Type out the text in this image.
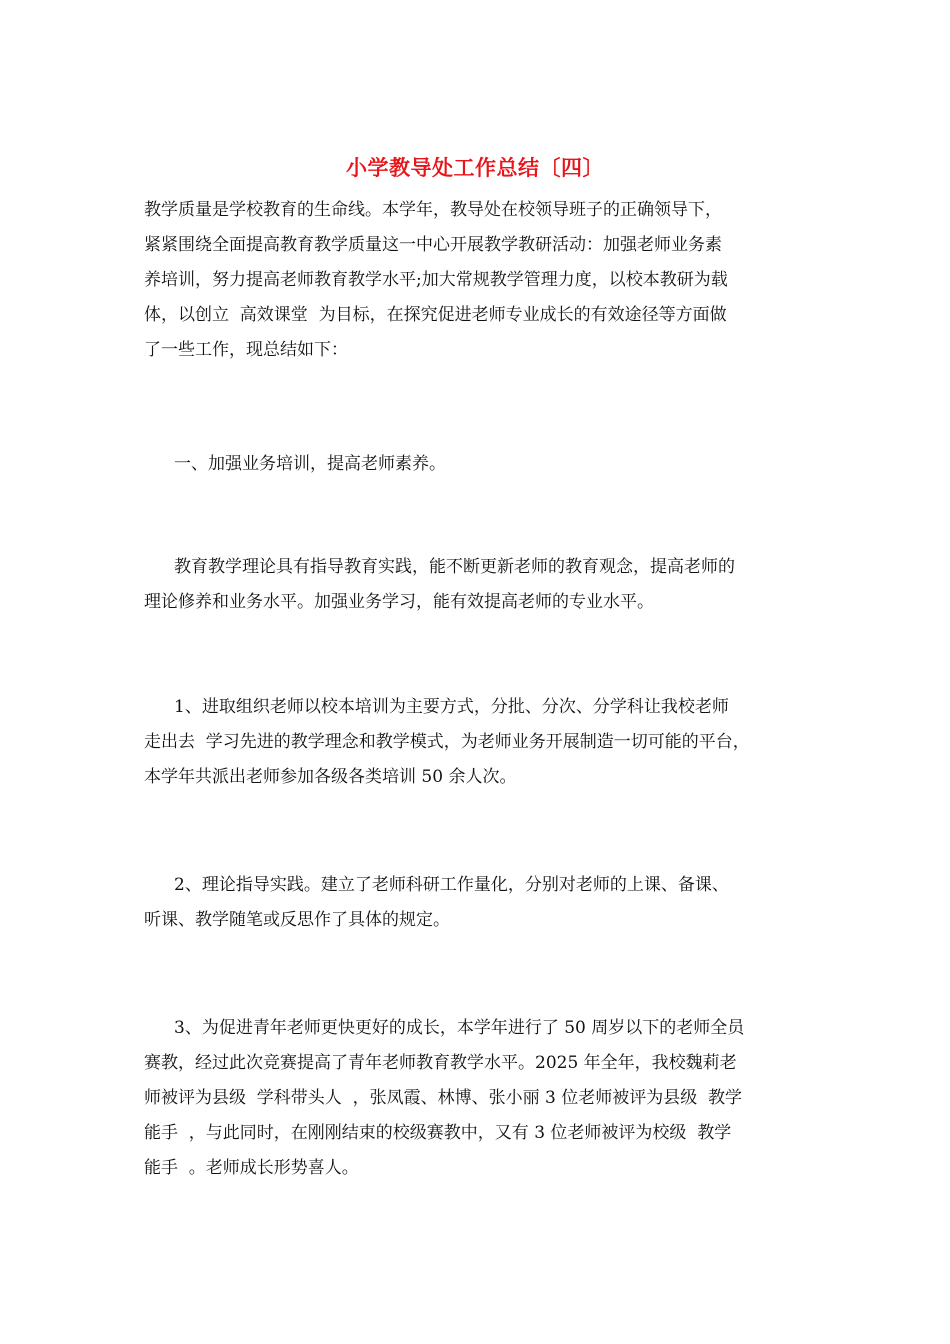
小学教导处工作总结〔四〕
教学质量是学校教育的生命线。本学年，教导处在校领导班子的正确领导下，
紧紧围绕全面提高教育教学质量这一中心开展教学教研活动：加强老师业务素
养培训，努力提高老师教育教学水平;加大常规教学管理力度，以校本教研为载
体，以创立  高效课堂  为目标，在探究促进老师专业成长的有效途径等方面做
了一些工作，现总结如下：
一、加强业务培训，提高老师素养。
教育教学理论具有指导教育实践，能不断更新老师的教育观念，提高老师的
理论修养和业务水平。加强业务学习，能有效提高老师的专业水平。
1、进取组织老师以校本培训为主要方式，分批、分次、分学科让我校老师
走出去  学习先进的教学理念和教学模式，为老师业务开展制造一切可能的平台，
本学年共派出老师参加各级各类培训 50 余人次。
2、理论指导实践。建立了老师科研工作量化，分别对老师的上课、备课、
听课、教学随笔或反思作了具体的规定。
3、为促进青年老师更快更好的成长，本学年进行了 50 周岁以下的老师全员
赛教，经过此次竞赛提高了青年老师教育教学水平。2025 年全年，我校魏莉老
师被评为县级  学科带头人  ，张凤霞、林博、张小丽 3 位老师被评为县级  教学
能手  ，与此同时，在刚刚结束的校级赛教中，又有 3 位老师被评为校级  教学
能手  。老师成长形势喜人。
